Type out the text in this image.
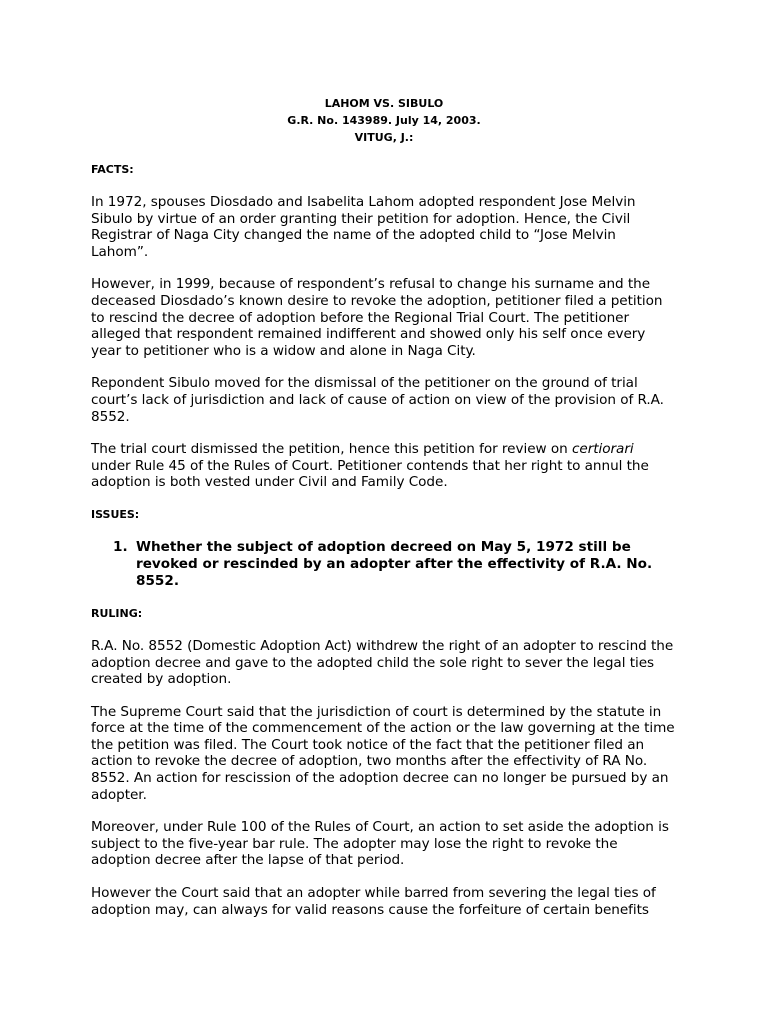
LAHOM VS. SIBULO
G.R. No. 143989. July 14, 2003.
VITUG, J.:
FACTS:

In 1972, spouses Diosdado and Isabelita Lahom adopted respondent Jose Melvin Sibulo by virtue of an order granting their petition for adoption. Hence, the Civil Registrar of Naga City changed the name of the adopted child to “Jose Melvin Lahom”.

However, in 1999, because of respondent’s refusal to change his surname and the deceased Diosdado’s known desire to revoke the adoption, petitioner filed a petition to rescind the decree of adoption before the Regional Trial Court. The petitioner alleged that respondent remained indifferent and showed only his self once every year to petitioner who is a widow and alone in Naga City.

Repondent Sibulo moved for the dismissal of the petitioner on the ground of trial court’s lack of jurisdiction and lack of cause of action on view of the provision of R.A. 8552.

The trial court dismissed the petition, hence this petition for review on certiorari under Rule 45 of the Rules of Court. Petitioner contends that her right to annul the adoption is both vested under Civil and Family Code.

ISSUES:
1. Whether the subject of adoption decreed on May 5, 1972 still be revoked or rescinded by an adopter after the effectivity of R.A. No. 8552.
RULING:

R.A. No. 8552 (Domestic Adoption Act) withdrew the right of an adopter to rescind the adoption decree and gave to the adopted child the sole right to sever the legal ties created by adoption.

The Supreme Court said that the jurisdiction of court is determined by the statute in force at the time of the commencement of the action or the law governing at the time the petition was filed. The Court took notice of the fact that the petitioner filed an action to revoke the decree of adoption, two months after the effectivity of RA No. 8552. An action for rescission of the adoption decree can no longer be pursued by an adopter.

Moreover, under Rule 100 of the Rules of Court, an action to set aside the adoption is subject to the five-year bar rule. The adopter may lose the right to revoke the adoption decree after the lapse of that period.

However the Court said that an adopter while barred from severing the legal ties of adoption may, can always for valid reasons cause the forfeiture of certain benefits
